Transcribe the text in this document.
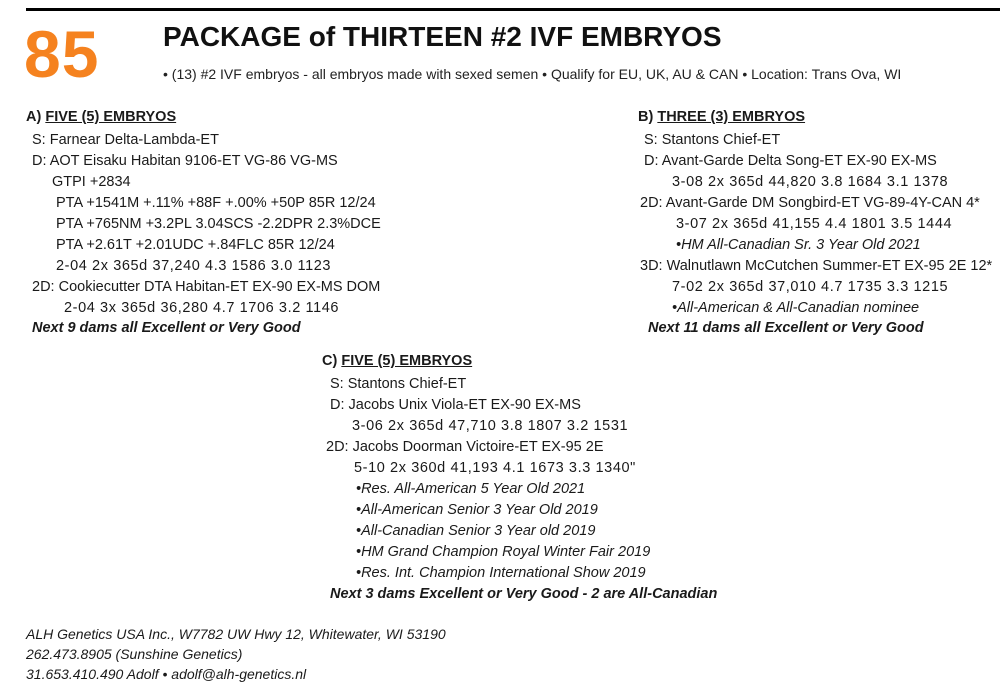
85 PACKAGE of THIRTEEN #2 IVF EMBRYOS
• (13) #2 IVF embryos - all embryos made with sexed semen • Qualify for EU, UK, AU & CAN • Location: Trans Ova, WI
A) FIVE (5) EMBRYOS
S: Farnear Delta-Lambda-ET
D: AOT Eisaku Habitan 9106-ET VG-86 VG-MS
GTPI +2834
PTA +1541M +.11% +88F +.00% +50P 85R 12/24
PTA +765NM +3.2PL 3.04SCS -2.2DPR 2.3%DCE
PTA +2.61T +2.01UDC +.84FLC 85R 12/24
2-04 2x 365d 37,240 4.3 1586 3.0 1123
2D: Cookiecutter DTA Habitan-ET EX-90 EX-MS DOM
2-04 3x 365d 36,280 4.7 1706 3.2 1146
Next 9 dams all Excellent or Very Good
B) THREE (3) EMBRYOS
S: Stantons Chief-ET
D: Avant-Garde Delta Song-ET EX-90 EX-MS
3-08 2x 365d 44,820 3.8 1684 3.1 1378
2D: Avant-Garde DM Songbird-ET VG-89-4Y-CAN 4*
3-07 2x 365d 41,155 4.4 1801 3.5 1444
•HM All-Canadian Sr. 3 Year Old 2021
3D: Walnutlawn McCutchen Summer-ET EX-95 2E 12*
7-02 2x 365d 37,010 4.7 1735 3.3 1215
•All-American & All-Canadian nominee
Next 11 dams all Excellent or Very Good
C) FIVE (5) EMBRYOS
S: Stantons Chief-ET
D: Jacobs Unix Viola-ET EX-90 EX-MS
3-06 2x 365d 47,710 3.8 1807 3.2 1531
2D: Jacobs Doorman Victoire-ET EX-95 2E
5-10 2x 360d 41,193 4.1 1673 3.3 1340"
•Res. All-American 5 Year Old 2021
•All-American Senior 3 Year Old 2019
•All-Canadian Senior 3 Year old 2019
•HM Grand Champion Royal Winter Fair 2019
•Res. Int. Champion International Show 2019
Next 3 dams Excellent or Very Good - 2 are All-Canadian
ALH Genetics USA Inc., W7782 UW Hwy 12, Whitewater, WI 53190
262.473.8905 (Sunshine Genetics)
31.653.410.490 Adolf • adolf@alh-genetics.nl
